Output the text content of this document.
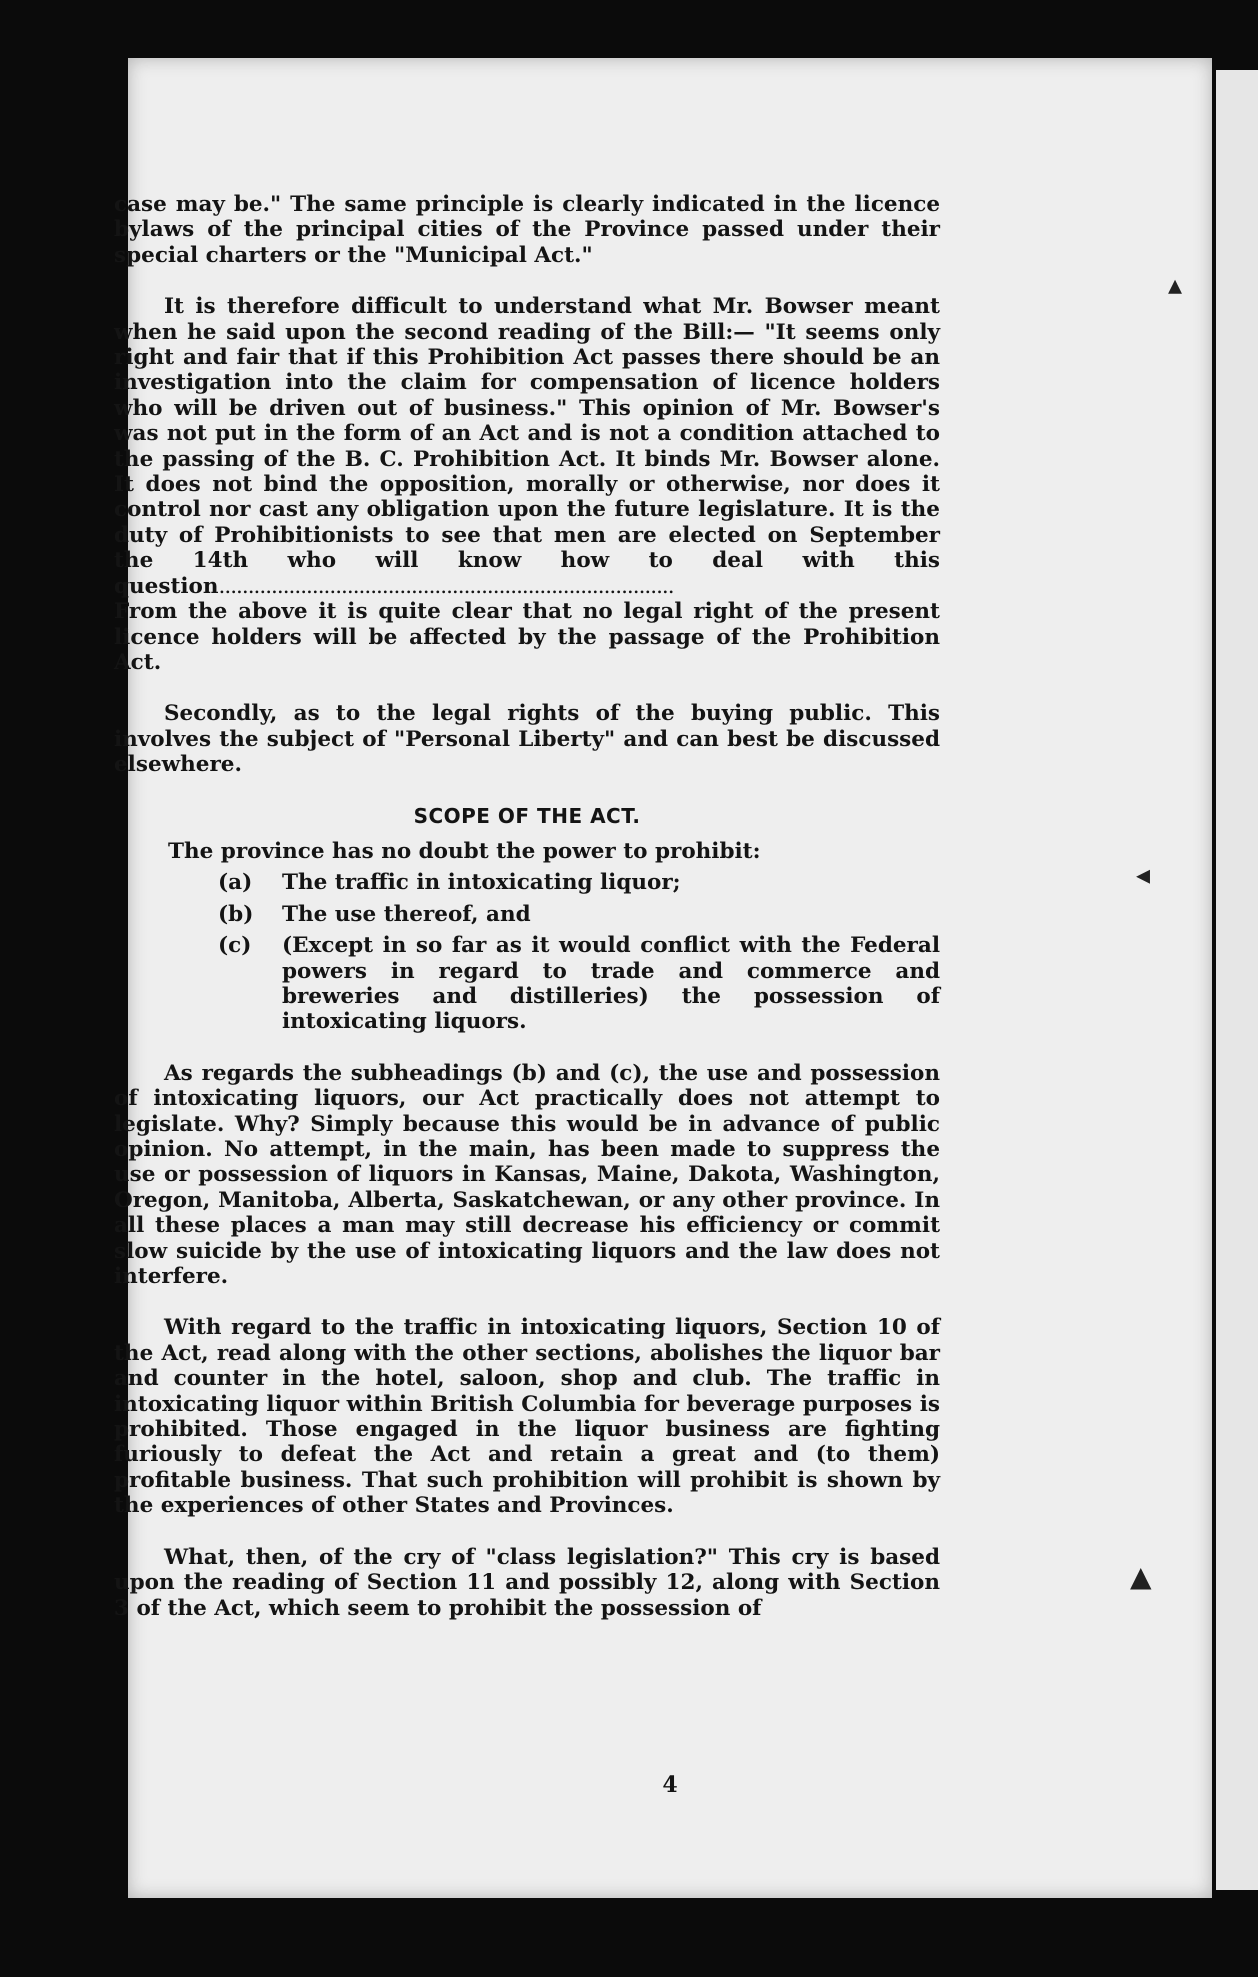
case may be." The same principle is clearly indicated in the licence bylaws of the principal cities of the Province passed under their special charters or the "Municipal Act."

It is therefore difficult to understand what Mr. Bowser meant when he said upon the second reading of the Bill:— "It seems only right and fair that if this Prohibition Act passes there should be an investigation into the claim for compensation of licence holders who will be driven out of business." This opinion of Mr. Bowser's was not put in the form of an Act and is not a condition attached to the passing of the B. C. Prohibition Act. It binds Mr. Bowser alone. It does not bind the opposition, morally or otherwise, nor does it control nor cast any obligation upon the future legislature. It is the duty of Prohibitionists to see that men are elected on September the 14th who will know how to deal with this question..............................................................................

From the above it is quite clear that no legal right of the present licence holders will be affected by the passage of the Prohibition Act.

Secondly, as to the legal rights of the buying public. This involves the subject of "Personal Liberty" and can best be discussed elsewhere.

SCOPE OF THE ACT.
The province has no doubt the power to prohibit:
(a)	The traffic in intoxicating liquor;
(b)	The use thereof, and
(c)	(Except in so far as it would conflict with the Federal powers in regard to trade and commerce and breweries and distilleries) the possession of intoxicating liquors.

As regards the subheadings (b) and (c), the use and possession of intoxicating liquors, our Act practically does not attempt to legislate. Why? Simply because this would be in advance of public opinion. No attempt, in the main, has been made to suppress the use or possession of liquors in Kansas, Maine, Dakota, Washington, Oregon, Manitoba, Alberta, Saskatchewan, or any other province. In all these places a man may still decrease his efficiency or commit slow suicide by the use of intoxicating liquors and the law does not interfere.

With regard to the traffic in intoxicating liquors, Section 10 of the Act, read along with the other sections, abolishes the liquor bar and counter in the hotel, saloon, shop and club. The traffic in intoxicating liquor within British Columbia for beverage purposes is prohibited. Those engaged in the liquor business are fighting furiously to defeat the Act and retain a great and (to them) profitable business. That such prohibition will prohibit is shown by the experiences of other States and Provinces.

What, then, of the cry of "class legislation?" This cry is based upon the reading of Section 11 and possibly 12, along with Section 3 of the Act, which seem to prohibit the possession of

4
▴
◂
▲
